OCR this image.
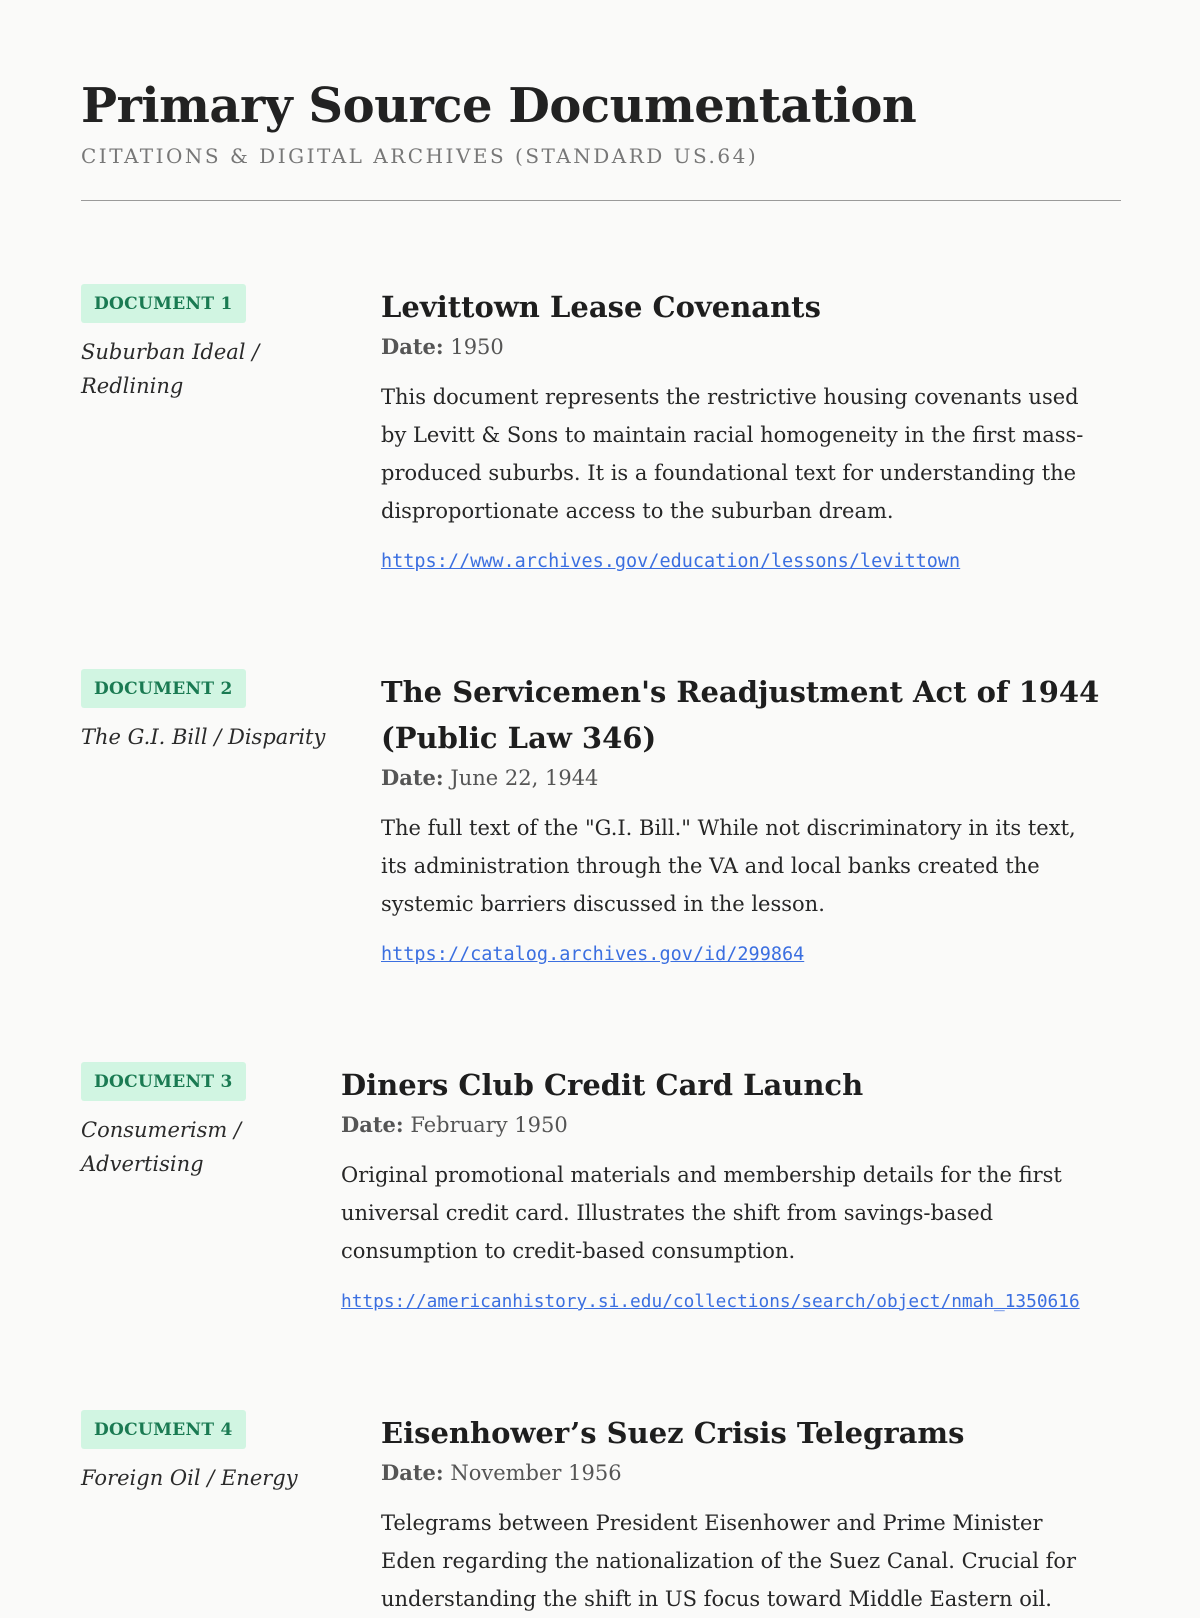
Primary Source Documentation
CITATIONS & DIGITAL ARCHIVES (STANDARD US.64)
DOCUMENT 1
Suburban Ideal / Redlining
Levittown Lease Covenants
Date: 1950
This document represents the restrictive housing covenants used by Levitt & Sons to maintain racial homogeneity in the first mass-produced suburbs. It is a foundational text for understanding the disproportionate access to the suburban dream.
https://www.archives.gov/education/lessons/levittown
DOCUMENT 2
The G.I. Bill / Disparity
The Servicemen's Readjustment Act of 1944 (Public Law 346)
Date: June 22, 1944
The full text of the "G.I. Bill." While not discriminatory in its text, its administration through the VA and local banks created the systemic barriers discussed in the lesson.
https://catalog.archives.gov/id/299864
DOCUMENT 3
Consumerism / Advertising
Diners Club Credit Card Launch
Date: February 1950
Original promotional materials and membership details for the first universal credit card. Illustrates the shift from savings-based consumption to credit-based consumption.
https://americanhistory.si.edu/collections/search/object/nmah_1350616
DOCUMENT 4
Foreign Oil / Energy
Eisenhower’s Suez Crisis Telegrams
Date: November 1956
Telegrams between President Eisenhower and Prime Minister Eden regarding the nationalization of the Suez Canal. Crucial for understanding the shift in US focus toward Middle Eastern oil.
